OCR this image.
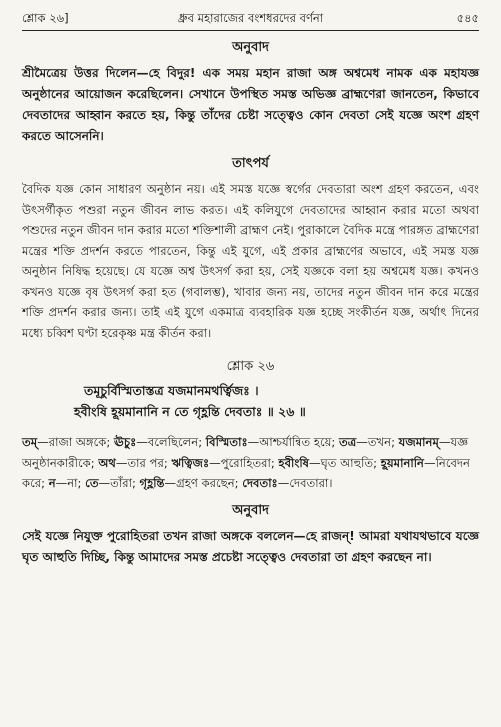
শ্লোক ২৬]	ধ্রুব মহারাজের বংশধরদের বর্ণনা	৫৪৫
অনুবাদ

শ্রীমৈত্রেয় উত্তর দিলেন—হে বিদুর! এক সময় মহান রাজা অঙ্গ অশ্বমেধ নামক এক মহাযজ্ঞ অনুষ্ঠানের আয়োজন করেছিলেন। সেখানে উপস্থিত সমস্ত অভিজ্ঞ ব্রাহ্মণেরা জানতেন, কিভাবে দেবতাদের আহ্বান করতে হয়, কিন্তু তাঁদের চেষ্টা সত্ত্বেও কোন দেবতা সেই যজ্ঞে অংশ গ্রহণ করতে আসেননি।

তাৎপর্য

বৈদিক যজ্ঞ কোন সাধারণ অনুষ্ঠান নয়। এই সমস্ত যজ্ঞে স্বর্গের দেবতারা অংশ গ্রহণ করতেন, এবং উৎসর্গীকৃত পশুরা নতুন জীবন লাভ করত। এই কলিযুগে দেবতাদের আহ্বান করার মতো অথবা পশুদের নতুন জীবন দান করার মতো শক্তিশালী ব্রাহ্মণ নেই। পুরাকালে বৈদিক মন্ত্রে পারঙ্গত ব্রাহ্মণেরা মন্ত্রের শক্তি প্রদর্শন করতে পারতেন, কিন্তু এই যুগে, এই প্রকার ব্রাহ্মণের অভাবে, এই সমস্ত যজ্ঞ অনুষ্ঠান নিষিদ্ধ হয়েছে। যে যজ্ঞে অশ্ব উৎসর্গ করা হয়, সেই যজ্ঞকে বলা হয় অশ্বমেধ যজ্ঞ। কখনও কখনও যজ্ঞে বৃষ উৎসর্গ করা হত (গবালম্ভ), খাবার জন্য নয়, তাদের নতুন জীবন দান করে মন্ত্রের শক্তি প্রদর্শন করার জন্য। তাই এই যুগে একমাত্র ব্যবহারিক যজ্ঞ হচ্ছে সংকীর্তন যজ্ঞ, অর্থাৎ দিনের মধ্যে চব্বিশ ঘণ্টা হরেকৃষ্ণ মন্ত্র কীর্তন করা।

শ্লোক ২৬

তমূচুর্বিস্মিতাস্তত্র যজমানমথর্ত্বিজঃ ।

হবীংষি হূয়মানানি ন তে গৃহ্ণন্তি দেবতাঃ ॥ ২৬ ॥

তম্—রাজা অঙ্গকে; ঊচুঃ—বলেছিলেন; বিস্মিতাঃ—আশ্চর্যান্বিত হয়ে; তত্র—তখন; যজমানম্—যজ্ঞ অনুষ্ঠানকারীকে; অথ—তার পর; ঋত্বিজঃ—পুরোহিতরা; হবীংষি—ঘৃত আহুতি; হূয়মানানি—নিবেদন করে; ন—না; তে—তাঁরা; গৃহ্ণন্তি—গ্রহণ করছেন; দেবতাঃ—দেবতারা।

অনুবাদ

সেই যজ্ঞে নিযুক্ত পুরোহিতরা তখন রাজা অঙ্গকে বললেন—হে রাজন্! আমরা যথাযথভাবে যজ্ঞে ঘৃত আহুতি দিচ্ছি, কিন্তু আমাদের সমস্ত প্রচেষ্টা সত্ত্বেও দেবতারা তা গ্রহণ করছেন না।
